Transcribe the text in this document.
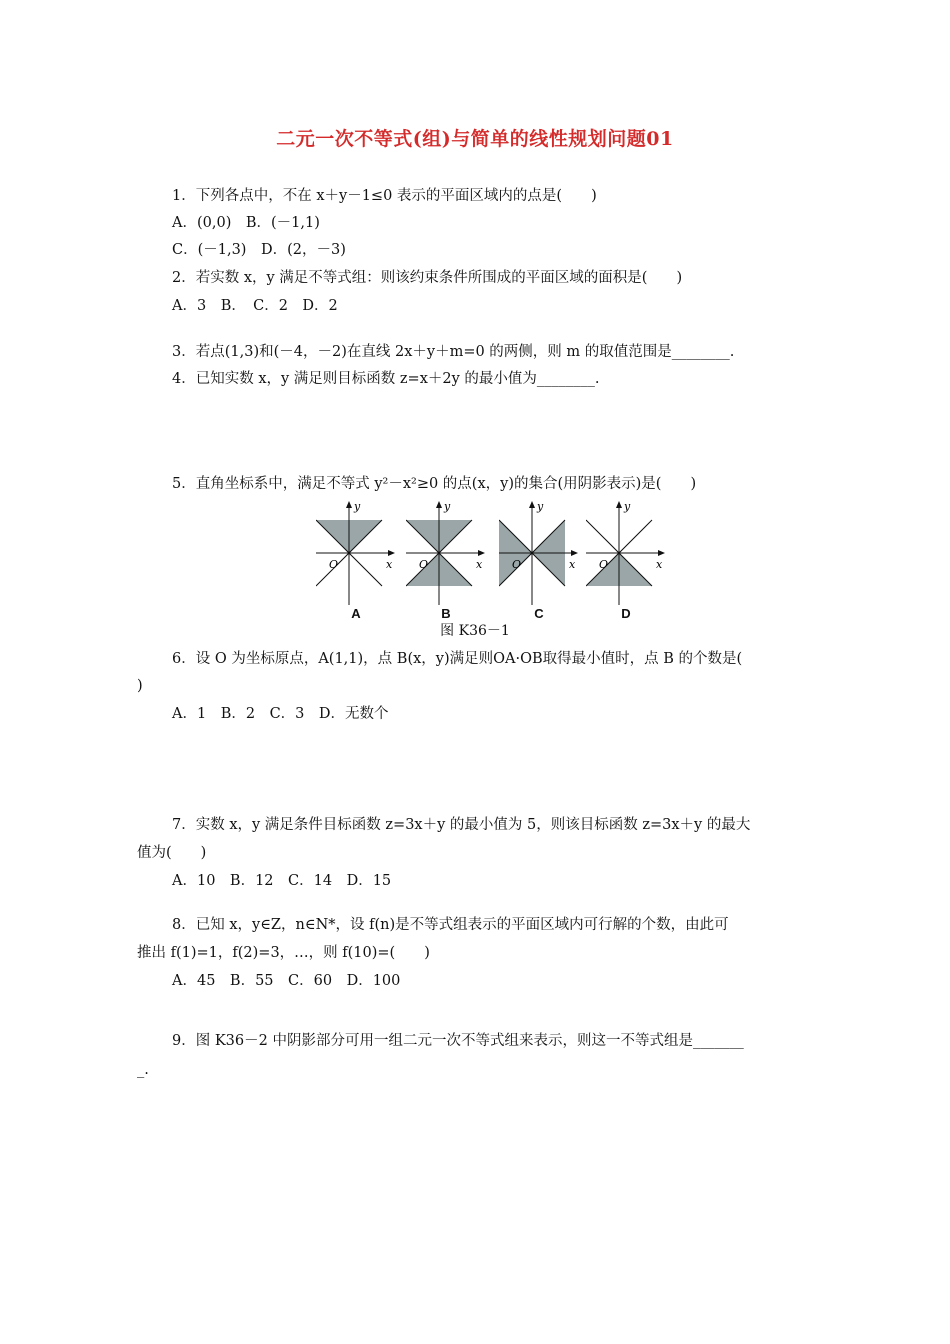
二元一次不等式(组)与简单的线性规划问题01
1．下列各点中，不在 x＋y－1≤0 表示的平面区域内的点是(　　)
A．(0,0)　B．(－1,1)
C．(－1,3)　D．(2，－3)
2．若实数 x，y 满足不等式组：则该约束条件所围成的平面区域的面积是(　　)
A．3　B．　C．2　D．2
3．若点(1,3)和(－4，－2)在直线 2x＋y＋m=0 的两侧，则 m 的取值范围是________.
4．已知实数 x，y 满足则目标函数 z=x＋2y 的最小值为________.
5．直角坐标系中，满足不等式 y²－x²≥0 的点(x，y)的集合(用阴影表示)是(　　)
y
x
O
A
y
x
O
B
y
x
O
C
y
x
O
D
图 K36－1
6．设 O 为坐标原点，A(1,1)，点 B(x，y)满足则OA·OB取得最小值时，点 B 的个数是(
)
A．1　B．2　C．3　D．无数个
7．实数 x，y 满足条件目标函数 z=3x＋y 的最小值为 5，则该目标函数 z=3x＋y 的最大
值为(　　)
A．10　B．12　C．14　D．15
8．已知 x，y∈Z，n∈N*，设 f(n)是不等式组表示的平面区域内可行解的个数，由此可
推出 f(1)=1，f(2)=3，…，则 f(10)=(　　)
A．45　B．55　C．60　D．100
9．图 K36－2 中阴影部分可用一组二元一次不等式组来表示，则这一不等式组是_______
_.
